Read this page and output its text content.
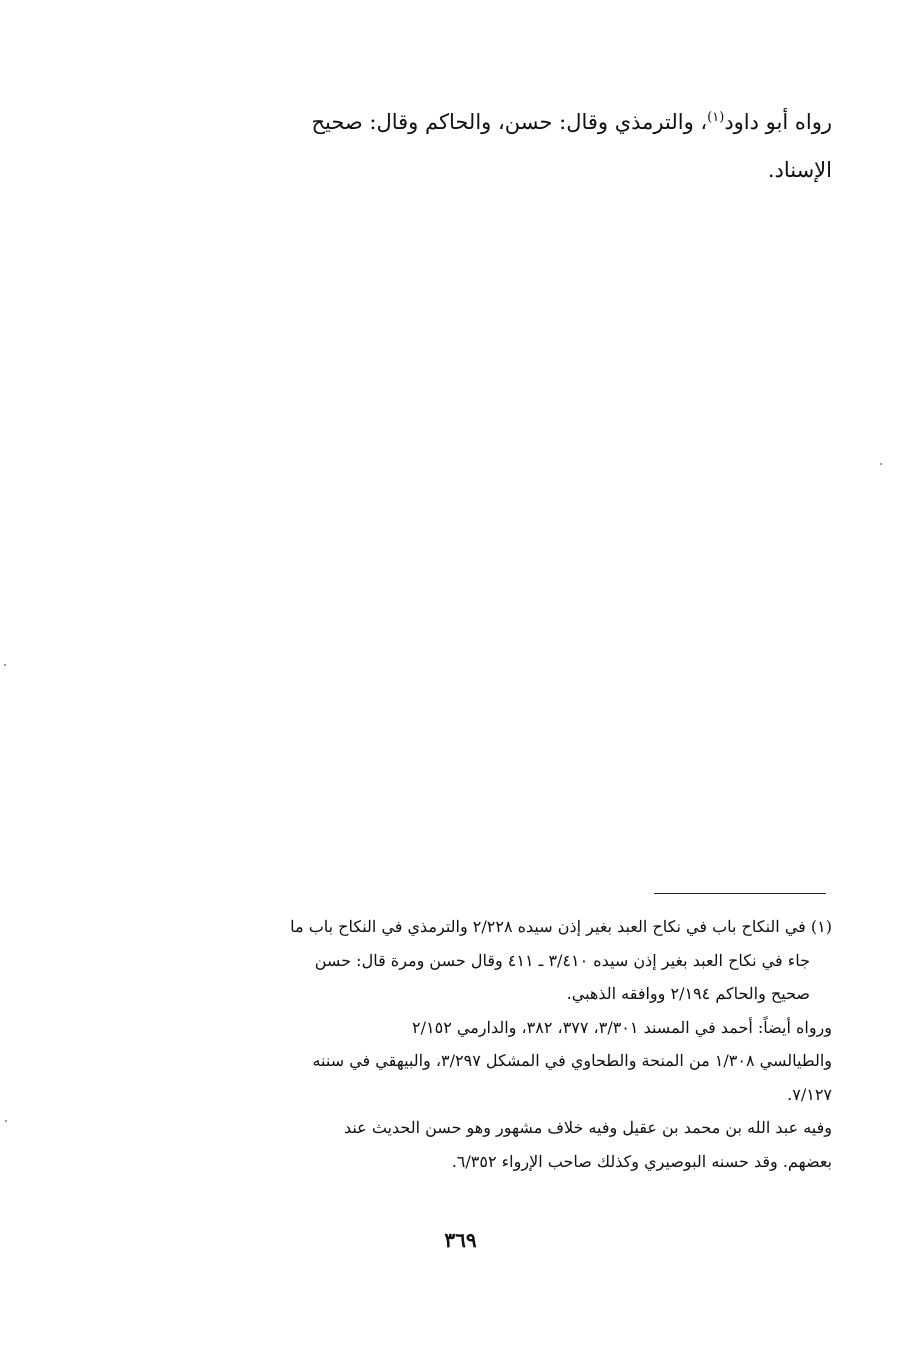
رواه أبو داود$^{(١)}$، والترمذي وقال: حسن، والحاكم وقال: صحيح
الإسناد.

(١) في النكاح باب في نكاح العبد بغير إذن سيده ٢/٢٢٨ والترمذي في النكاح باب ما
جاء في نكاح العبد بغير إذن سيده ٣/٤١٠ ـ ٤١١ وقال حسن ومرة قال: حسن
صحيح والحاكم ٢/١٩٤ ووافقه الذهبي.

ورواه أيضاً: أحمد في المسند ٣/٣٠١، ٣٧٧، ٣٨٢، والدارمي ٢/١٥٢
والطيالسي ١/٣٠٨ من المنحة والطحاوي في المشكل ٣/٢٩٧، والبيهقي في سننه
٧/١٢٧.

وفيه عبد الله بن محمد بن عقيل وفيه خلاف مشهور وهو حسن الحديث عند
بعضهم. وقد حسنه البوصيري وكذلك صاحب الإرواء ٦/٣٥٢.

٣٦٩
